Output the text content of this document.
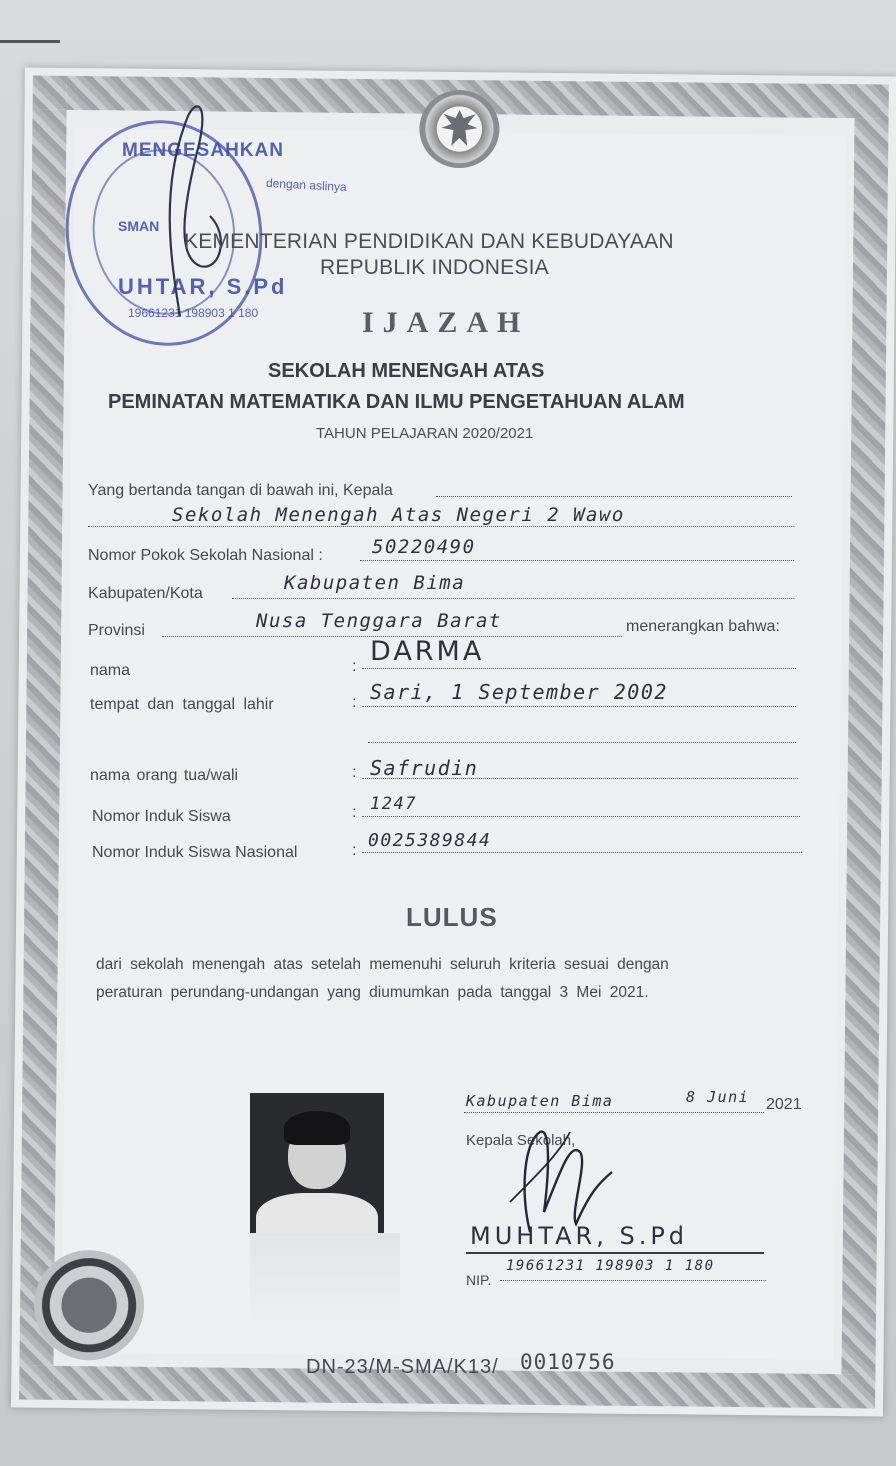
MENGESAHKAN
dengan aslinya
SMAN
UHTAR, S.Pd
19661231 198903 1 180
KEMENTERIAN PENDIDIKAN DAN KEBUDAYAAN
REPUBLIK INDONESIA
IJAZAH
SEKOLAH MENENGAH ATAS
PEMINATAN MATEMATIKA DAN ILMU PENGETAHUAN ALAM
TAHUN PELAJARAN 2020/2021
Yang bertanda tangan di bawah ini, Kepala
Sekolah Menengah Atas Negeri 2 Wawo
Nomor Pokok Sekolah Nasional :	50220490
Kabupaten/Kota	Kabupaten Bima
Provinsi	Nusa Tenggara Barat	menerangkan bahwa:
nama	: DARMA
tempat dan tanggal lahir	: Sari, 1 September 2002
nama orang tua/wali	: Safrudin
Nomor Induk Siswa	: 1247
Nomor Induk Siswa Nasional	: 0025389844
LULUS
dari sekolah menengah atas setelah memenuhi seluruh kriteria sesuai dengan
peraturan perundang-undangan yang diumumkan pada tanggal 3 Mei 2021.
Kabupaten Bima	8 Juni 2021
Kepala Sekolah,
MUHTAR, S.Pd
NIP.
19661231 198903 1 180
DN-23/M-SMA/K13/ 0010756
